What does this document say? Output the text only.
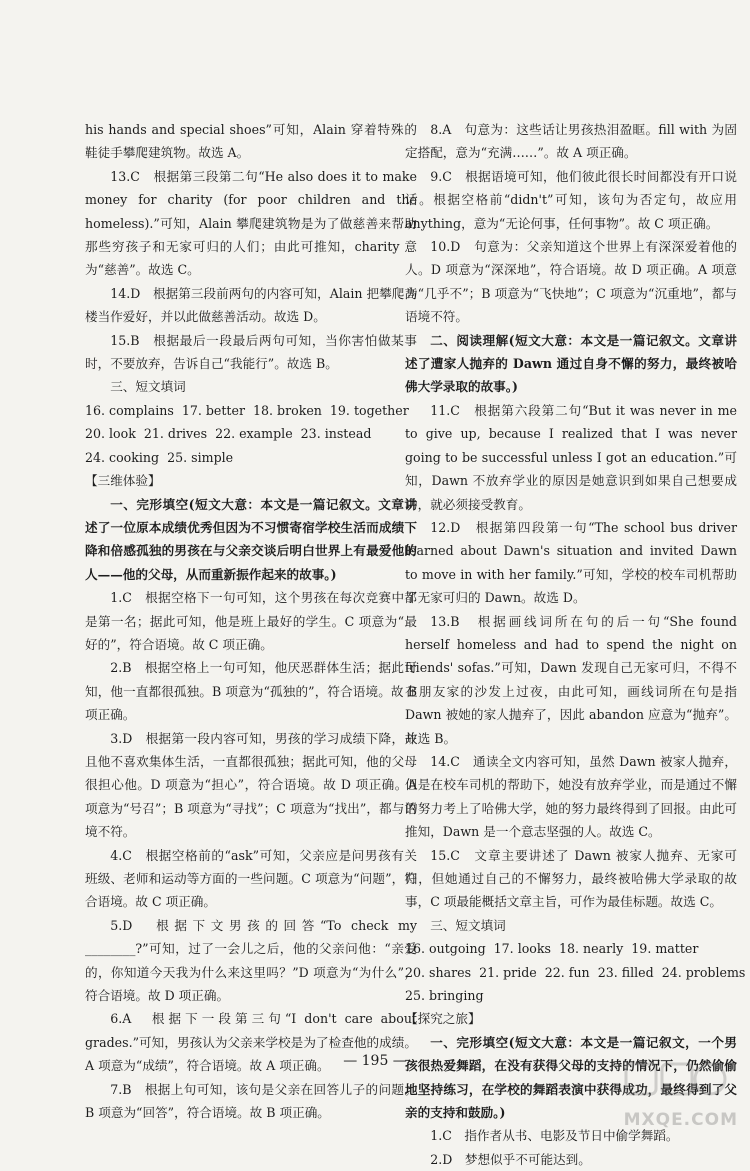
his hands and special shoes”可知，Alain 穿着特殊的鞋徒手攀爬建筑物。故选 A。

13.C　根据第三段第二句“He also does it to make money for charity (for poor children and the homeless).”可知，Alain 攀爬建筑物是为了做慈善来帮助那些穷孩子和无家可归的人们；由此可推知，charity 意为“慈善”。故选 C。

14.D　根据第三段前两句的内容可知，Alain 把攀爬高楼当作爱好，并以此做慈善活动。故选 D。

15.B　根据最后一段最后两句可知，当你害怕做某事时，不要放弃，告诉自己“我能行”。故选 B。

三、短文填词

16. complains 17. better 18. broken 19. together
20. look 21. drives 22. example 23. instead
24. cooking 25. simple

【三维体验】

一、完形填空(短文大意：本文是一篇记叙文。文章讲述了一位原本成绩优秀但因为不习惯寄宿学校生活而成绩下降和倍感孤独的男孩在与父亲交谈后明白世界上有最爱他的人——他的父母，从而重新振作起来的故事。)

1.C　根据空格下一句可知，这个男孩在每次竞赛中都是第一名；据此可知，他是班上最好的学生。C 项意为“最好的”，符合语境。故 C 项正确。

2.B　根据空格上一句可知，他厌恶群体生活；据此可知，他一直都很孤独。B 项意为“孤独的”，符合语境。故 B 项正确。

3.D　根据第一段内容可知，男孩的学习成绩下降，并且他不喜欢集体生活，一直都很孤独；据此可知，他的父母很担心他。D 项意为“担心”，符合语境。故 D 项正确。A 项意为“号召”；B 项意为“寻找”；C 项意为“找出”，都与语境不符。

4.C　根据空格前的“ask”可知，父亲应是问男孩有关班级、老师和运动等方面的一些问题。C 项意为“问题”，符合语境。故 C 项正确。

5.D　根据下文男孩的回答“To check my ________?”可知，过了一会儿之后，他的父亲问他：“亲爱的，你知道今天我为什么来这里吗？”D 项意为“为什么”，符合语境。故 D 项正确。

6.A　根据下一段第三句“I don't care about grades.”可知，男孩认为父亲来学校是为了检查他的成绩。A 项意为“成绩”，符合语境。故 A 项正确。

7.B　根据上句可知，该句是父亲在回答儿子的问题。B 项意为“回答”，符合语境。故 B 项正确。

8.A　句意为：这些话让男孩热泪盈眶。fill with 为固定搭配，意为“充满……”。故 A 项正确。

9.C　根据语境可知，他们彼此很长时间都没有开口说话。根据空格前“didn't”可知，该句为否定句，故应用 anything，意为“无论何事，任何事物”。故 C 项正确。

10.D　句意为：父亲知道这个世界上有深深爱着他的人。D 项意为“深深地”，符合语境。故 D 项正确。A 项意为“几乎不”；B 项意为“飞快地”；C 项意为“沉重地”，都与语境不符。

二、阅读理解(短文大意：本文是一篇记叙文。文章讲述了遭家人抛弃的 Dawn 通过自身不懈的努力，最终被哈佛大学录取的故事。)

11.C　根据第六段第二句“But it was never in me to give up, because I realized that I was never going to be successful unless I got an education.”可知，Dawn 不放弃学业的原因是她意识到如果自己想要成功，就必须接受教育。

12.D　根据第四段第一句“The school bus driver learned about Dawn's situation and invited Dawn to move in with her family.”可知，学校的校车司机帮助了无家可归的 Dawn。故选 D。

13.B　根据画线词所在句的后一句“She found herself homeless and had to spend the night on friends' sofas.”可知，Dawn 发现自己无家可归，不得不在朋友家的沙发上过夜，由此可知，画线词所在句是指 Dawn 被她的家人抛弃了，因此 abandon 应意为“抛弃”。故选 B。

14.C　通读全文内容可知，虽然 Dawn 被家人抛弃，但是在校车司机的帮助下，她没有放弃学业，而是通过不懈的努力考上了哈佛大学，她的努力最终得到了回报。由此可推知，Dawn 是一个意志坚强的人。故选 C。

15.C　文章主要讲述了 Dawn 被家人抛弃、无家可归，但她通过自己的不懈努力，最终被哈佛大学录取的故事，C 项最能概括文章主旨，可作为最佳标题。故选 C。

三、短文填词

16. outgoing 17. looks 18. nearly 19. matter
20. shares 21. pride 22. fun 23. filled 24. problems
25. bringing

【探究之旅】

一、完形填空(短文大意：本文是一篇记叙文，一个男孩很热爱舞蹈，在没有获得父母的支持的情况下，仍然偷偷地坚持练习，在学校的舞蹈表演中获得成功，最终得到了父亲的支持和鼓励。)

1.C　指作者从书、电影及节日中偷学舞蹈。

2.D　梦想似乎不可能达到。

— 195 —
MXQE.COM
